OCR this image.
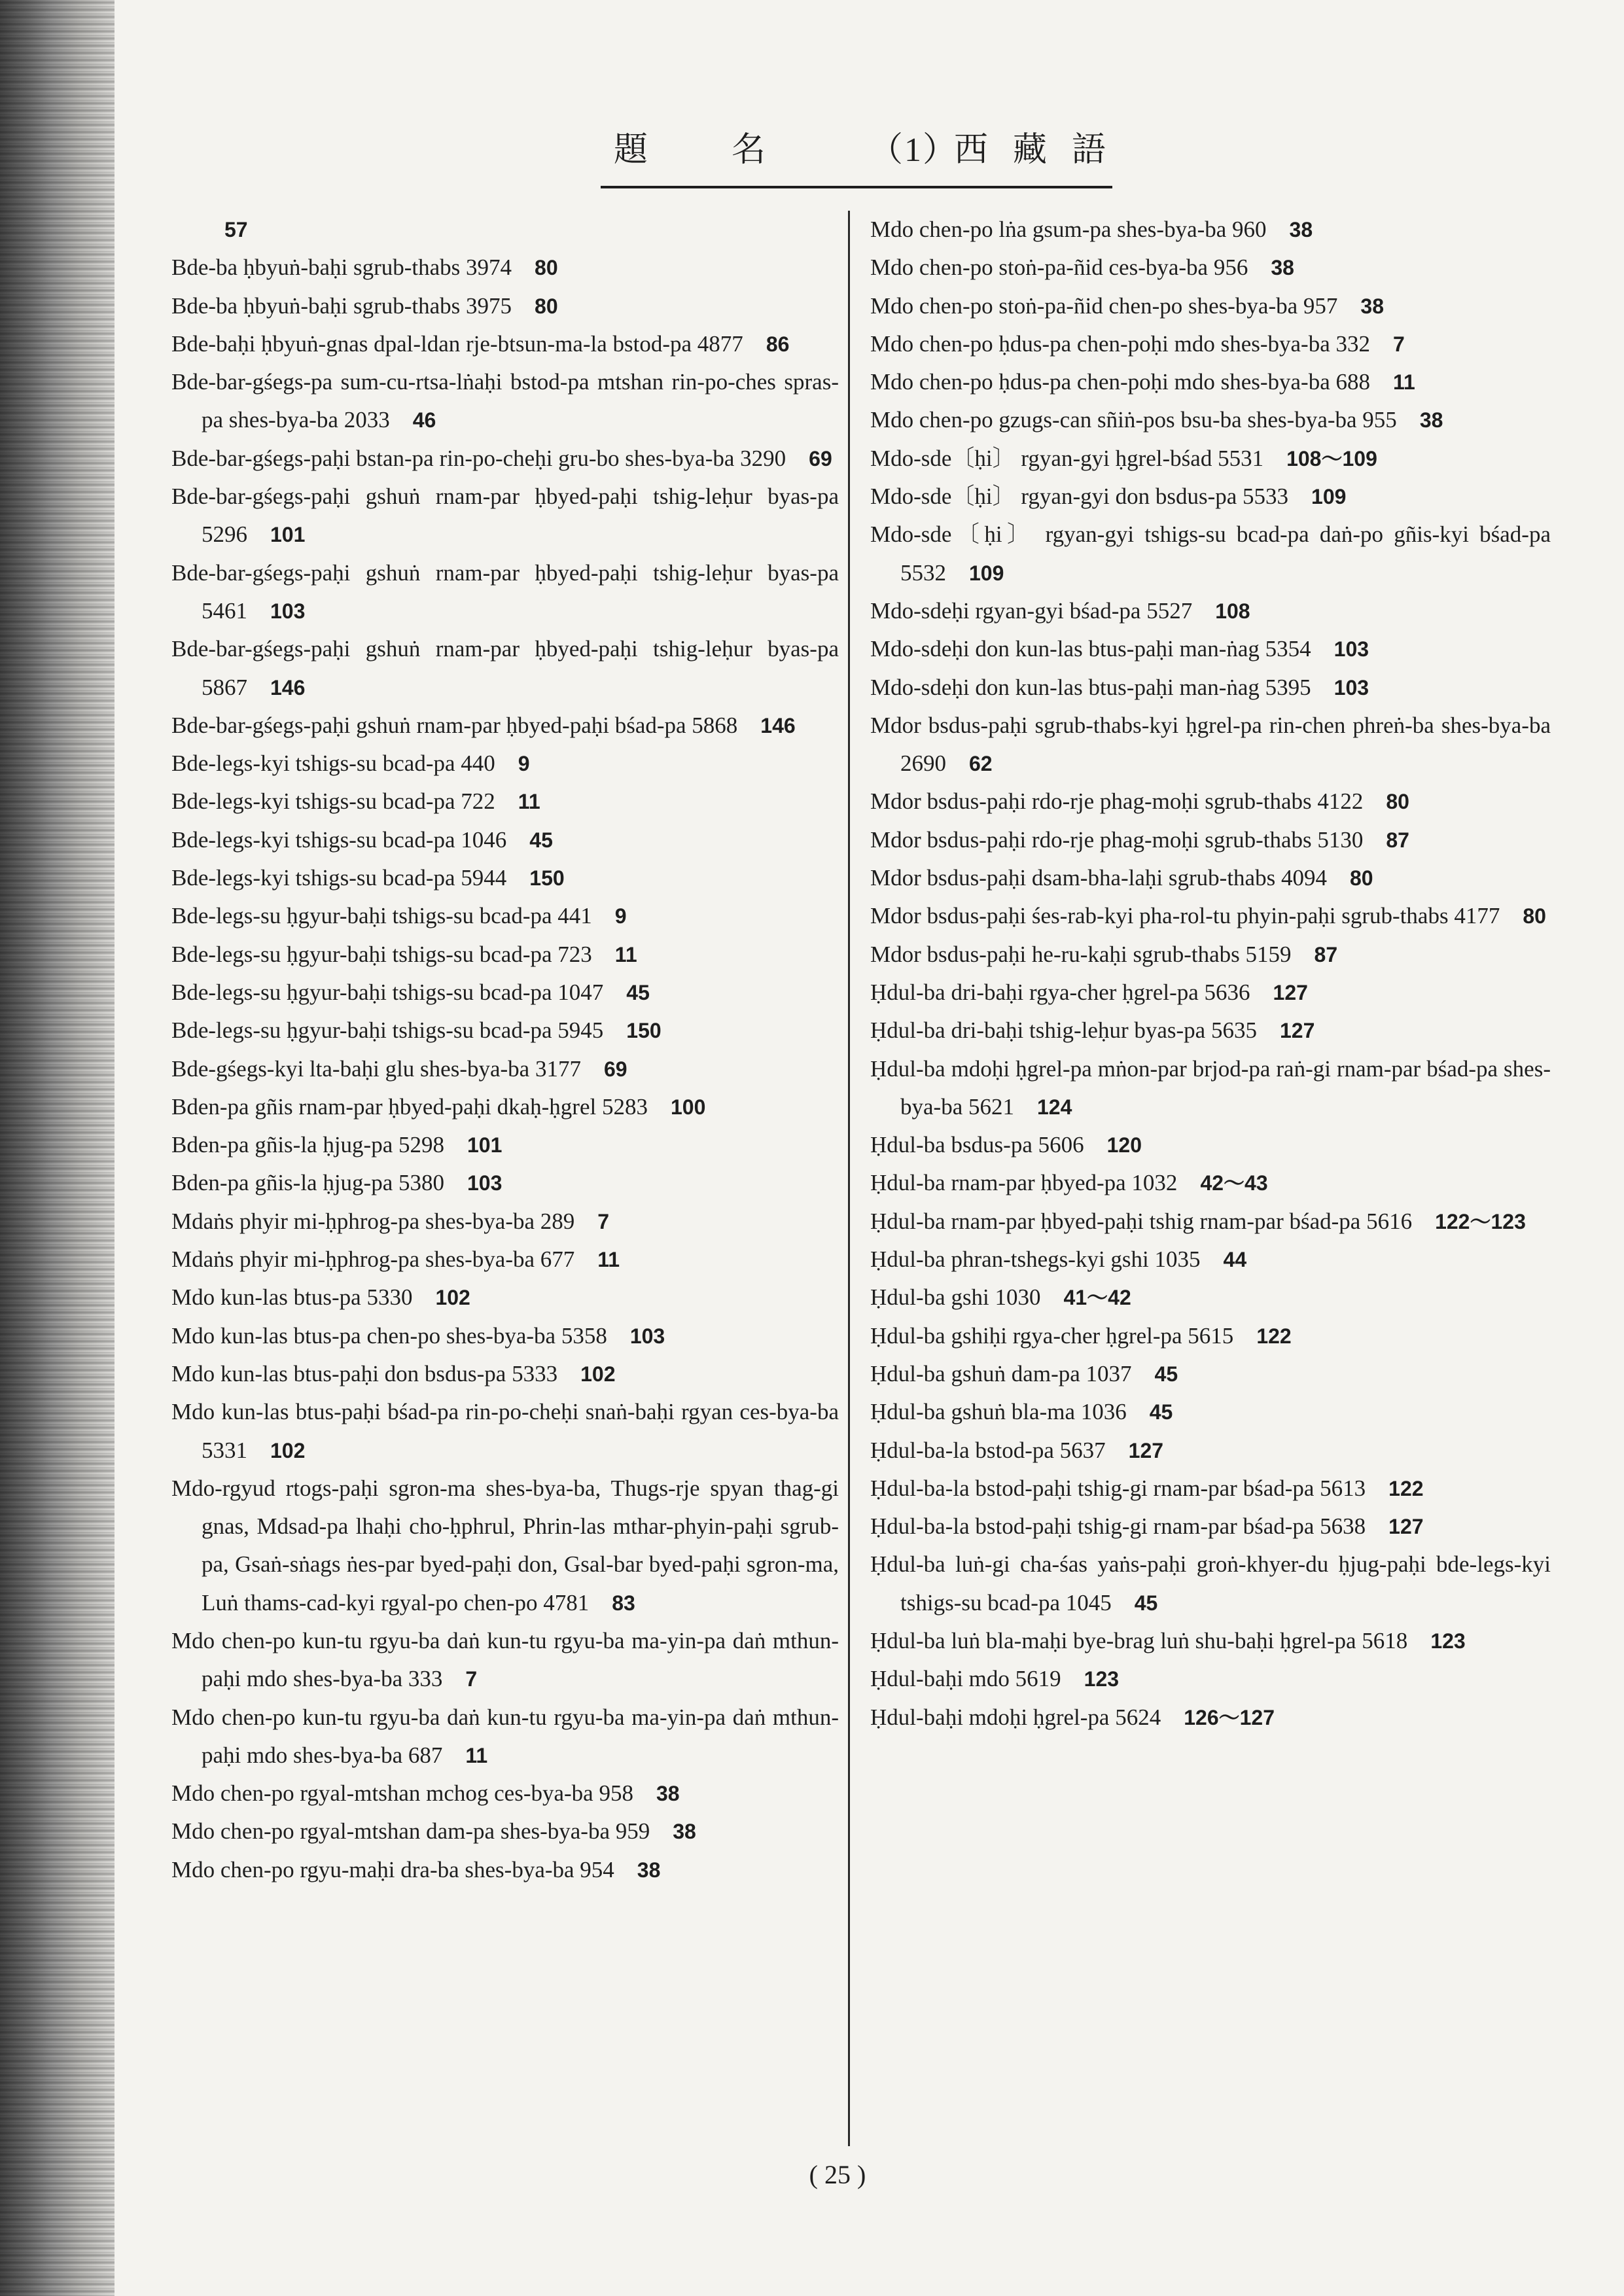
題 名	（1）
西 藏 語

 57

Bde-ba ḥbyuṅ-baḥi sgrub-thabs 3974  80

Bde-ba ḥbyuṅ-baḥi sgrub-thabs 3975  80

Bde-baḥi ḥbyuṅ-gnas dpal-ldan rje-btsun-ma-la bstod-pa 4877  86

Bde-bar-gśegs-pa sum-cu-rtsa-lṅaḥi bstod-pa mtshan rin-po-ches spras-pa shes-bya-ba 2033  46

Bde-bar-gśegs-paḥi bstan-pa rin-po-cheḥi gru-bo shes-bya-ba 3290  69

Bde-bar-gśegs-paḥi gshuṅ rnam-par ḥbyed-paḥi tshig-leḥur byas-pa 5296  101

Bde-bar-gśegs-paḥi gshuṅ rnam-par ḥbyed-paḥi tshig-leḥur byas-pa 5461  103

Bde-bar-gśegs-paḥi gshuṅ rnam-par ḥbyed-paḥi tshig-leḥur byas-pa 5867  146

Bde-bar-gśegs-paḥi gshuṅ rnam-par ḥbyed-paḥi bśad-pa 5868  146

Bde-legs-kyi tshigs-su bcad-pa 440  9

Bde-legs-kyi tshigs-su bcad-pa 722  11

Bde-legs-kyi tshigs-su bcad-pa 1046  45

Bde-legs-kyi tshigs-su bcad-pa 5944  150

Bde-legs-su ḥgyur-baḥi tshigs-su bcad-pa 441  9

Bde-legs-su ḥgyur-baḥi tshigs-su bcad-pa 723  11

Bde-legs-su ḥgyur-baḥi tshigs-su bcad-pa 1047  45

Bde-legs-su ḥgyur-baḥi tshigs-su bcad-pa 5945  150

Bde-gśegs-kyi lta-baḥi glu shes-bya-ba 3177  69

Bden-pa gñis rnam-par ḥbyed-paḥi dkaḥ-ḥgrel 5283  100

Bden-pa gñis-la ḥjug-pa 5298  101

Bden-pa gñis-la ḥjug-pa 5380  103

Mdaṅs phyir mi-ḥphrog-pa shes-bya-ba 289  7

Mdaṅs phyir mi-ḥphrog-pa shes-bya-ba 677  11

Mdo kun-las btus-pa 5330  102

Mdo kun-las btus-pa chen-po shes-bya-ba 5358  103

Mdo kun-las btus-paḥi don bsdus-pa 5333  102

Mdo kun-las btus-paḥi bśad-pa rin-po-cheḥi snaṅ-baḥi rgyan ces-bya-ba 5331  102

Mdo-rgyud rtogs-paḥi sgron-ma shes-bya-ba, Thugs-rje spyan thag-gi gnas, Mdsad-pa lhaḥi cho-ḥphrul, Phrin-las mthar-phyin-paḥi sgrub-pa, Gsaṅ-sṅags ṅes-par byed-paḥi don, Gsal-bar byed-paḥi sgron-ma, Luṅ thams-cad-kyi rgyal-po chen-po 4781  83

Mdo chen-po kun-tu rgyu-ba daṅ kun-tu rgyu-ba ma-yin-pa daṅ mthun-paḥi mdo shes-bya-ba 333  7

Mdo chen-po kun-tu rgyu-ba daṅ kun-tu rgyu-ba ma-yin-pa daṅ mthun-paḥi mdo shes-bya-ba 687  11

Mdo chen-po rgyal-mtshan mchog ces-bya-ba 958  38

Mdo chen-po rgyal-mtshan dam-pa shes-bya-ba 959  38

Mdo chen-po rgyu-maḥi dra-ba shes-bya-ba 954  38

Mdo chen-po lṅa gsum-pa shes-bya-ba 960  38

Mdo chen-po stoṅ-pa-ñid ces-bya-ba 956  38

Mdo chen-po stoṅ-pa-ñid chen-po shes-bya-ba 957  38

Mdo chen-po ḥdus-pa chen-poḥi mdo shes-bya-ba 332  7

Mdo chen-po ḥdus-pa chen-poḥi mdo shes-bya-ba 688  11

Mdo chen-po gzugs-can sñiṅ-pos bsu-ba shes-bya-ba 955  38

Mdo-sde〔ḥi〕 rgyan-gyi ḥgrel-bśad 5531  108～109

Mdo-sde〔ḥi〕 rgyan-gyi don bsdus-pa 5533  109

Mdo-sde〔ḥi〕 rgyan-gyi tshigs-su bcad-pa daṅ-po gñis-kyi bśad-pa 5532  109

Mdo-sdeḥi rgyan-gyi bśad-pa 5527  108

Mdo-sdeḥi don kun-las btus-paḥi man-ṅag 5354  103

Mdo-sdeḥi don kun-las btus-paḥi man-ṅag 5395  103

Mdor bsdus-paḥi sgrub-thabs-kyi ḥgrel-pa rin-chen phreṅ-ba shes-bya-ba 2690  62

Mdor bsdus-paḥi rdo-rje phag-moḥi sgrub-thabs 4122  80

Mdor bsdus-paḥi rdo-rje phag-moḥi sgrub-thabs 5130  87

Mdor bsdus-paḥi dsam-bha-laḥi sgrub-thabs 4094  80

Mdor bsdus-paḥi śes-rab-kyi pha-rol-tu phyin-paḥi sgrub-thabs 4177  80

Mdor bsdus-paḥi he-ru-kaḥi sgrub-thabs 5159  87

Ḥdul-ba dri-baḥi rgya-cher ḥgrel-pa 5636  127

Ḥdul-ba dri-baḥi tshig-leḥur byas-pa 5635  127

Ḥdul-ba mdoḥi ḥgrel-pa mṅon-par brjod-pa raṅ-gi rnam-par bśad-pa shes-bya-ba 5621  124

Ḥdul-ba bsdus-pa 5606  120

Ḥdul-ba rnam-par ḥbyed-pa 1032  42～43

Ḥdul-ba rnam-par ḥbyed-paḥi tshig rnam-par bśad-pa 5616  122～123

Ḥdul-ba phran-tshegs-kyi gshi 1035  44

Ḥdul-ba gshi 1030  41～42

Ḥdul-ba gshiḥi rgya-cher ḥgrel-pa 5615  122

Ḥdul-ba gshuṅ dam-pa 1037  45

Ḥdul-ba gshuṅ bla-ma 1036  45

Ḥdul-ba-la bstod-pa 5637  127

Ḥdul-ba-la bstod-paḥi tshig-gi rnam-par bśad-pa 5613  122

Ḥdul-ba-la bstod-paḥi tshig-gi rnam-par bśad-pa 5638  127

Ḥdul-ba luṅ-gi cha-śas yaṅs-paḥi groṅ-khyer-du ḥjug-paḥi bde-legs-kyi tshigs-su bcad-pa 1045  45

Ḥdul-ba luṅ bla-maḥi bye-brag luṅ shu-baḥi ḥgrel-pa 5618  123

Ḥdul-baḥi mdo 5619  123

Ḥdul-baḥi mdoḥi ḥgrel-pa 5624  126～127

( 25 )
